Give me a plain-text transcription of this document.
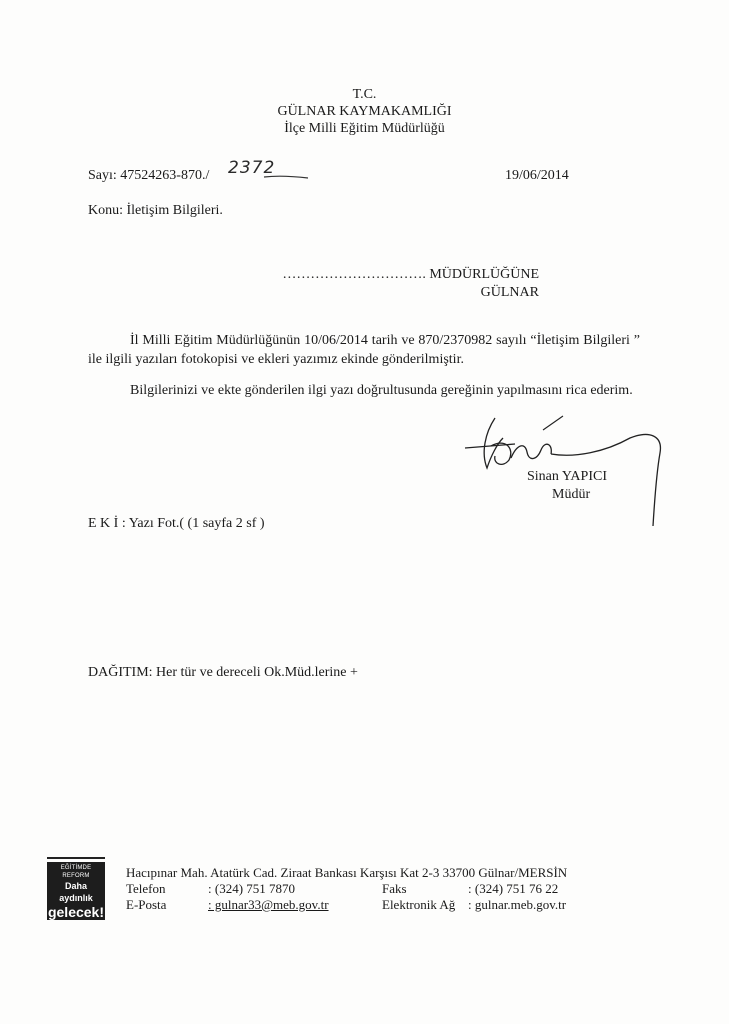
T.C.
GÜLNAR KAYMAKAMLIĞI
İlçe Milli Eğitim Müdürlüğü
Sayı: 47524263-870./ 2372	19/06/2014
Konu: İletişim Bilgileri.
…………………………. MÜDÜRLÜĞÜNE
GÜLNAR
İl Milli Eğitim Müdürlüğünün 10/06/2014 tarih ve 870/2370982 sayılı “İletişim Bilgileri ” ile ilgili yazıları fotokopisi ve ekleri yazımız ekinde gönderilmiştir.
Bilgilerinizi ve ekte gönderilen ilgi yazı doğrultusunda gereğinin yapılmasını rica ederim.
Sinan YAPICI
Müdür
E K İ : Yazı Fot.( (1 sayfa 2 sf )
DAĞITIM: Her tür ve dereceli Ok.Müd.lerine +
EĞİTİMDE REFORM
Daha aydınlık
gelecek!
Hacıpınar Mah. Atatürk Cad. Ziraat Bankası Karşısı Kat 2-3 33700 Gülnar/MERSİN
Telefon	: (324) 751 7870	Faks	: (324) 751 76 22
E-Posta	: gulnar33@meb.gov.tr	Elektronik Ağ : gulnar.meb.gov.tr
